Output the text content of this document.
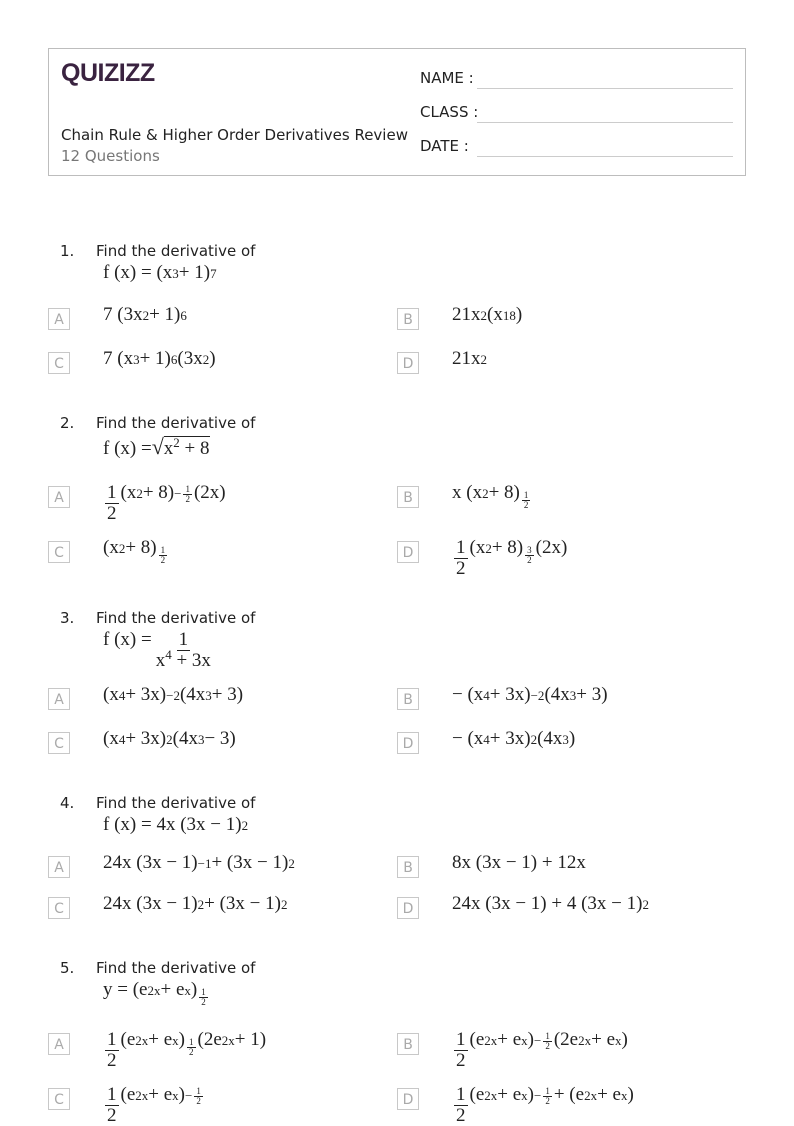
QUIZIZZ
Chain Rule & Higher Order Derivatives Review
12 Questions
NAME :
CLASS :
DATE :
1. Find the derivative of
f (x) = (x 3 + 1) 7
A	7 (3x 2 + 1) 6	B	21x 2 (x 18 )
C	7 (x 3 + 1) 6 (3x 2 )	D 21x 2
2. Find the derivative of
f (x) = √ x $^2$ + 8
A	$\frac{1}{2} (x$ $2 + 8) - \frac{1}{2} (2x)$	B	x (x 2 + 8) $_{\frac{1}{2}}$
C	(x 2 + 8) $_{\frac{1}{2}}$	D $\frac{1}{2} (x$ 2 + 8) $_{\frac{3}{2}}$ (2x)
3. Find the derivative of
f $(x) = \frac{1}{x ^4 + 3x}$
A	(x 4 + 3x) −2 (4x 3 + 3)	B	− (x 4 + 3x) −2 (4x 3 + 3)
C	(x 4 + 3x) 2 (4x 3 − 3)	D − (x 4 + 3x) 2 (4x 3 )
4. Find the derivative of
f (x) = 4x (3x − 1) 2
A	24x (3x − 1) −1 + (3x − 1) 2	B	8x (3x − 1) + 12x
C	24x (3x − 1) 2 + (3x − 1) 2	D 24x (3x − 1) + 4 (3x − 1) 2
5. Find the derivative of
y = (e 2x + e x ) $_{\frac{1}{2}}$
A	$\frac{1}{2} (e$ 2x + e x ) $_{\frac{1}{2}}$ (2e 2x + 1)	B	$\frac{1}{2} (e$ 2x + e x ) − $\frac{1}{2} (2e$ 2x + e x )
C	$\frac{1}{2} (e$ 2x + e x ) − $\frac{1}{2}$	D $\frac{1}{2} (e$ 2x + e x ) − $\frac{1}{2} + (e$ 2x + e x )
